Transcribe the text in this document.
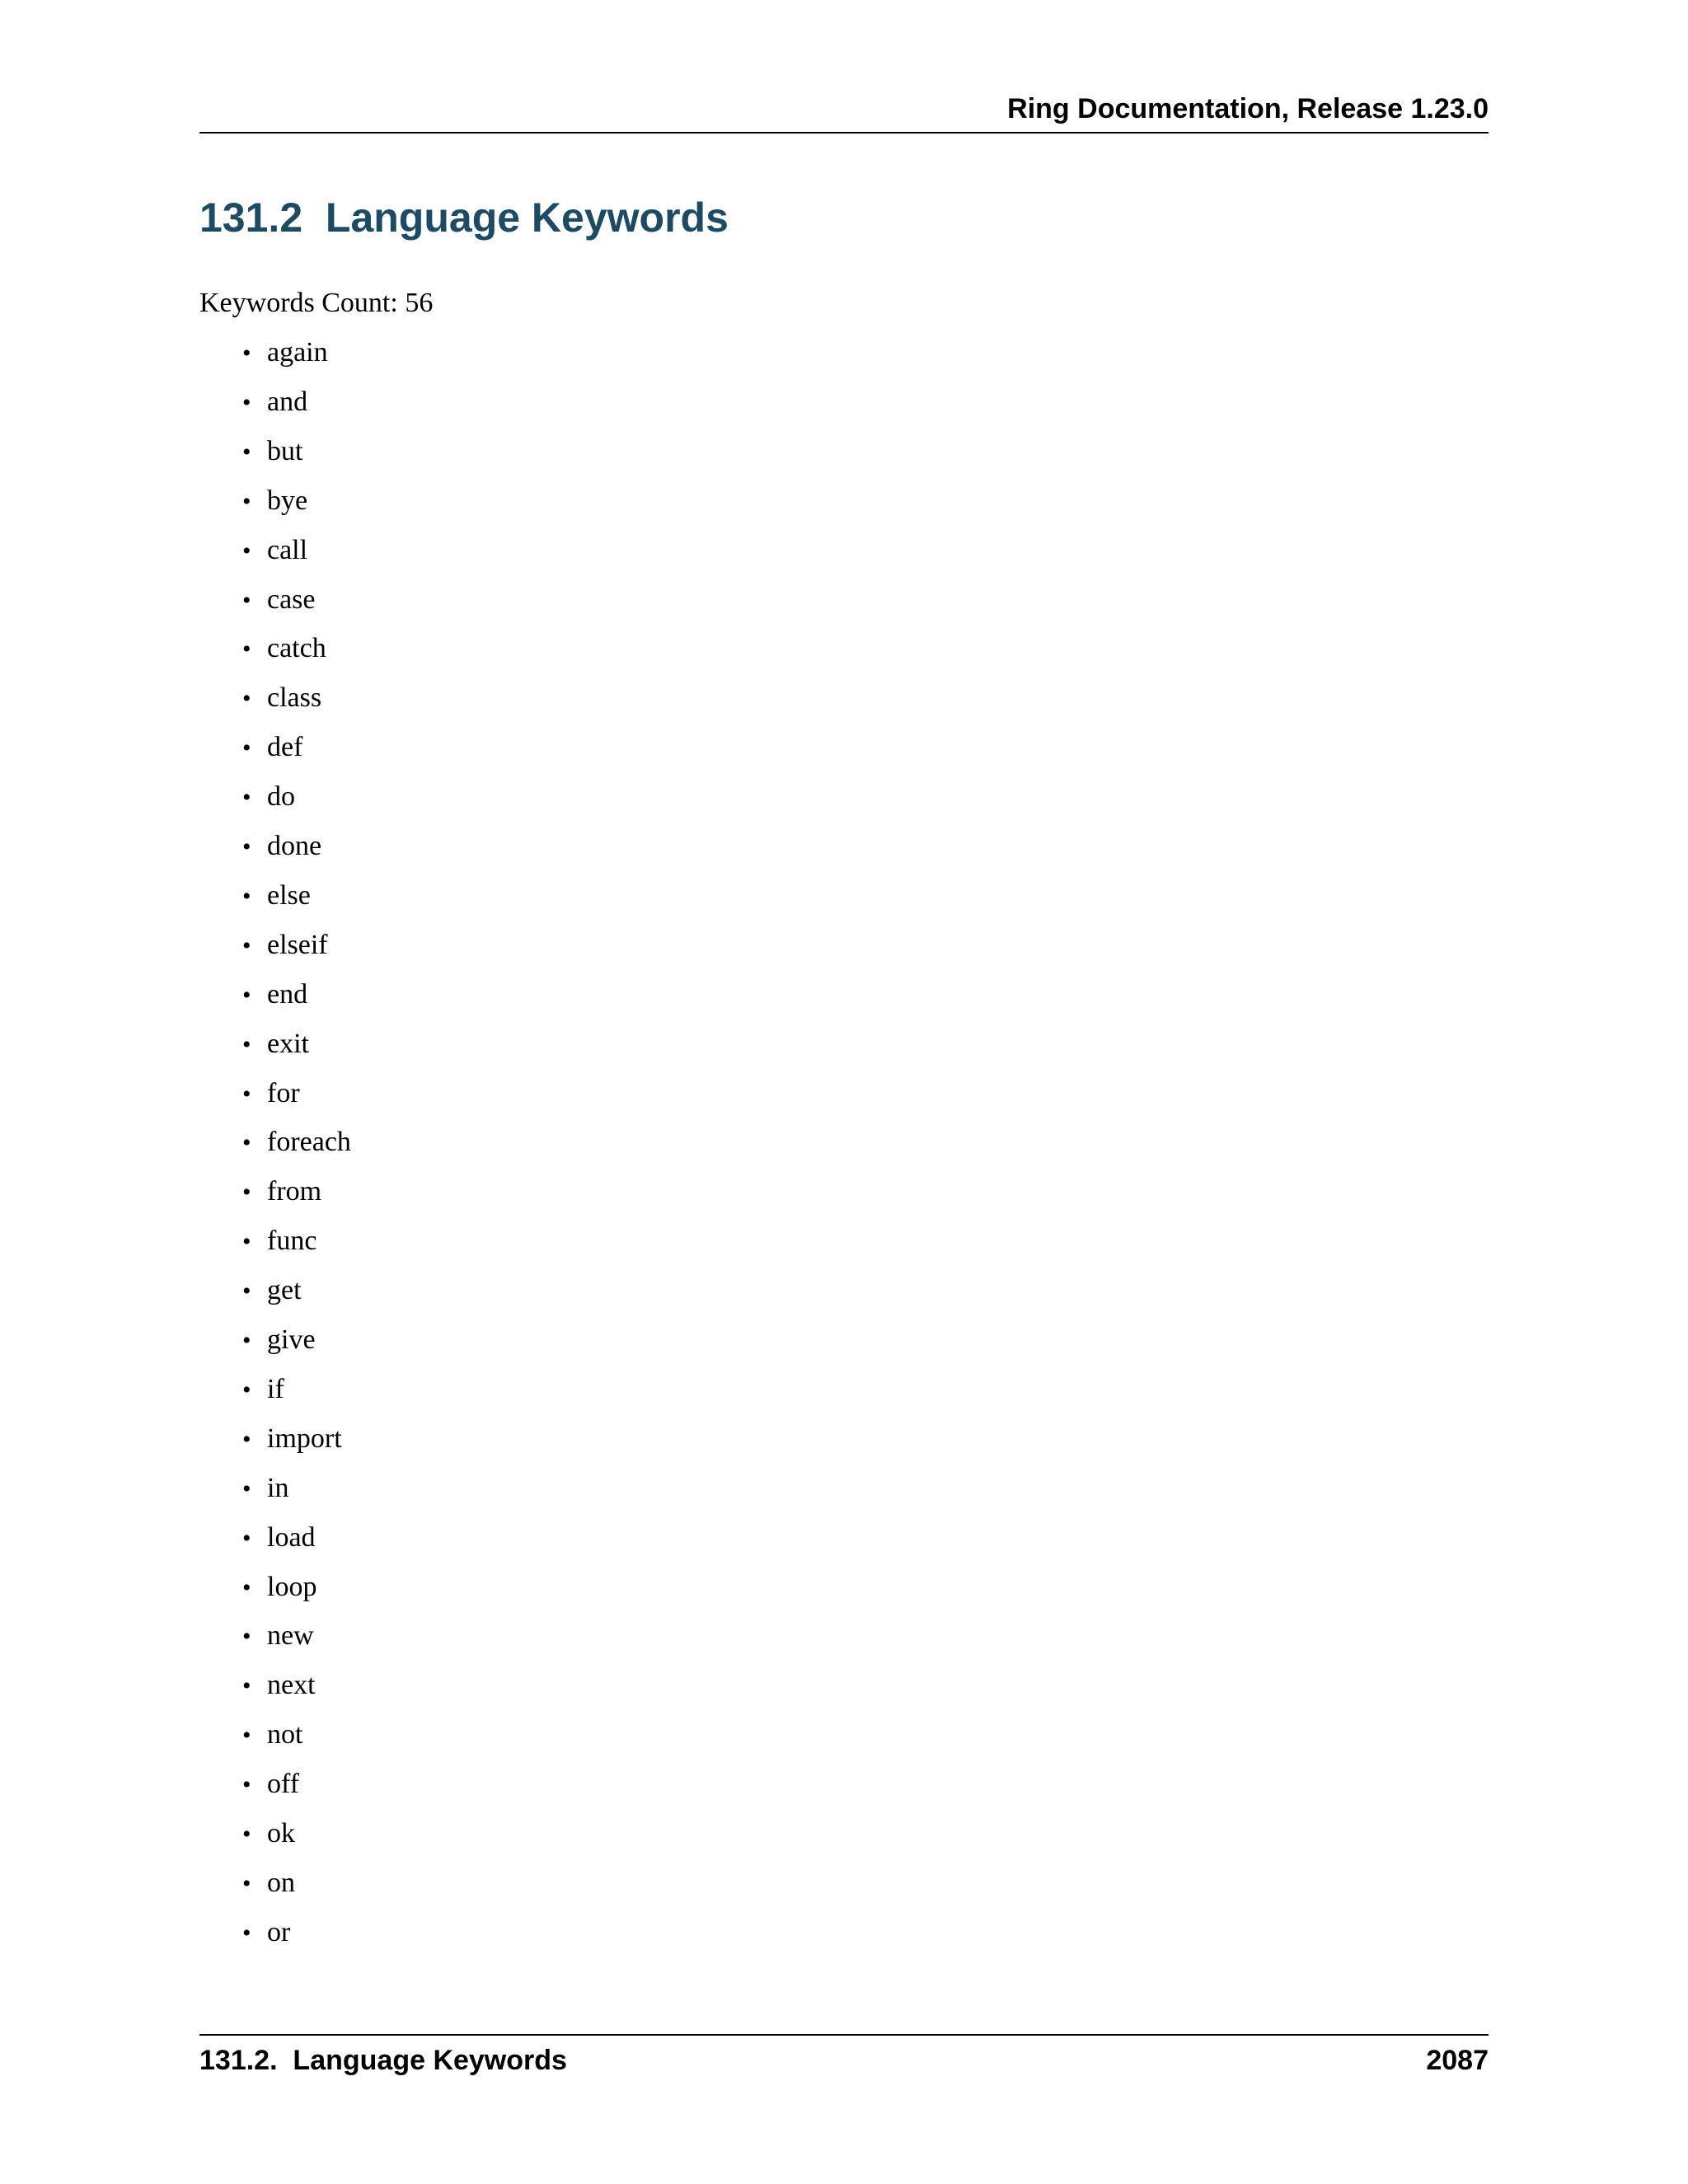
Ring Documentation, Release 1.23.0
131.2  Language Keywords

Keywords Count: 56

• again
• and
• but
• bye
• call
• case
• catch
• class
• def
• do
• done
• else
• elseif
• end
• exit
• for
• foreach
• from
• func
• get
• give
• if
• import
• in
• load
• loop
• new
• next
• not
• off
• ok
• on
• or
131.2.  Language Keywords	2087
